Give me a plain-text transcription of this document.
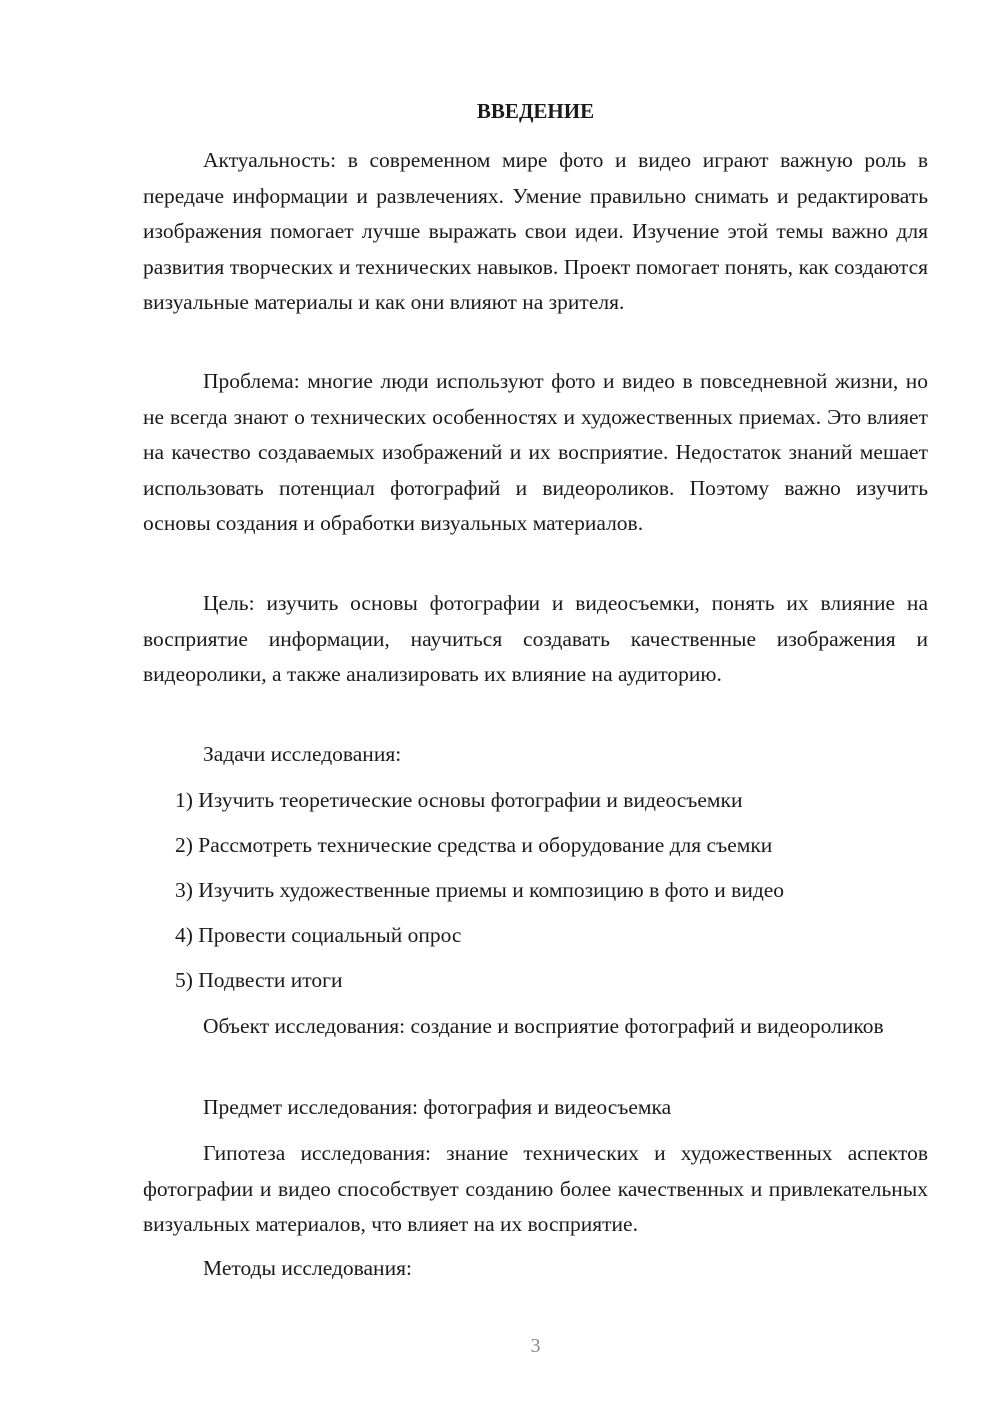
ВВЕДЕНИЕ

Актуальность: в современном мире фото и видео играют важную роль в передаче информации и развлечениях. Умение правильно снимать и редактировать изображения помогает лучше выражать свои идеи. Изучение этой темы важно для развития творческих и технических навыков. Проект помогает понять, как создаются визуальные материалы и как они влияют на зрителя.

Проблема: многие люди используют фото и видео в повседневной жизни, но не всегда знают о технических особенностях и художественных приемах. Это влияет на качество создаваемых изображений и их восприятие. Недостаток знаний мешает использовать потенциал фотографий и видеороликов. Поэтому важно изучить основы создания и обработки визуальных материалов.

Цель: изучить основы фотографии и видеосъемки, понять их влияние на восприятие информации, научиться создавать качественные изображения и видеоролики, а также анализировать их влияние на аудиторию.

Задачи исследования:

1) Изучить теоретические основы фотографии и видеосъемки

2) Рассмотреть технические средства и оборудование для съемки

3) Изучить художественные приемы и композицию в фото и видео

4) Провести социальный опрос

5) Подвести итоги

Объект исследования: создание и восприятие фотографий и видеороликов

Предмет исследования: фотография и видеосъемка

Гипотеза исследования: знание технических и художественных аспектов фотографии и видео способствует созданию более качественных и привлекательных визуальных материалов, что влияет на их восприятие.

Методы исследования:

3
